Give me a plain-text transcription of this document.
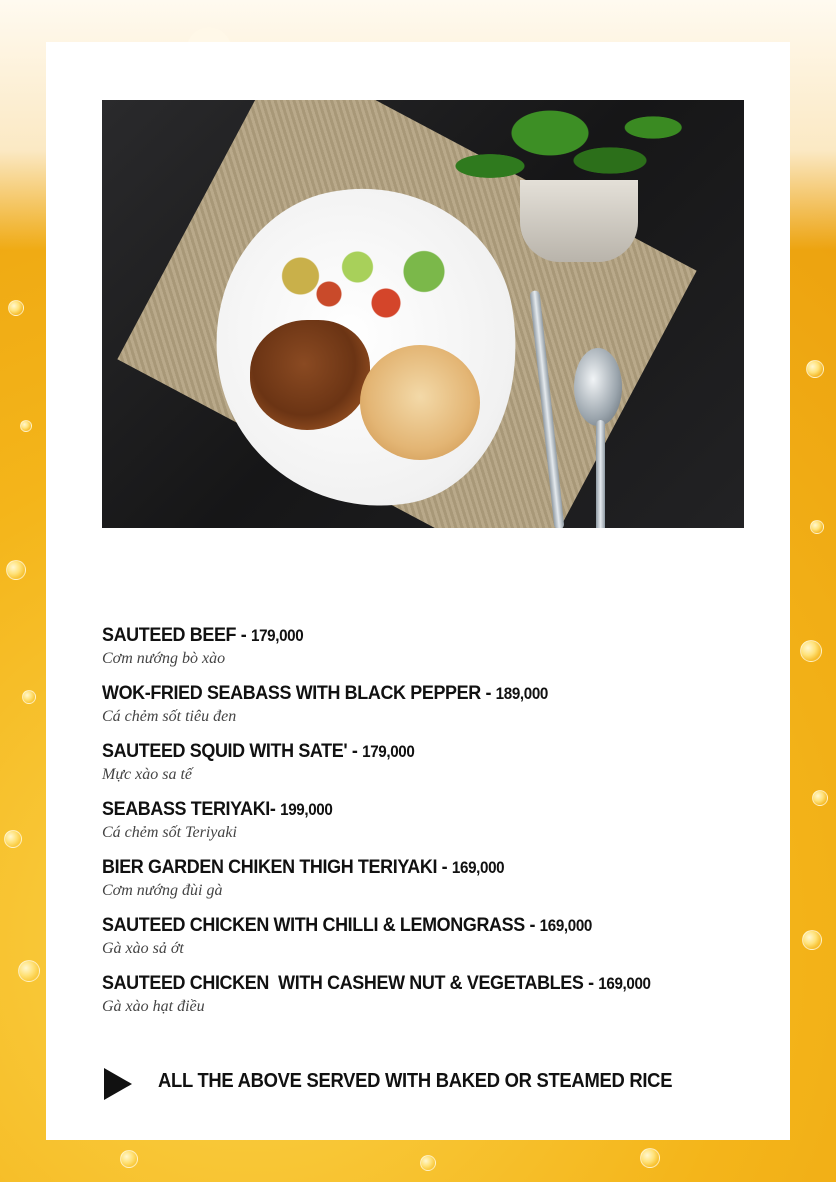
SAUTEED BEEF - 179,000
Cơm nướng bò xào
WOK-FRIED SEABASS WITH BLACK PEPPER - 189,000
Cá chẻm sốt tiêu đen
SAUTEED SQUID WITH SATE' - 179,000
Mực xào sa tế
SEABASS TERIYAKI- 199,000
Cá chẻm sốt Teriyaki
BIER GARDEN CHIKEN THIGH TERIYAKI - 169,000
Cơm nướng đùi gà
SAUTEED CHICKEN WITH CHILLI & LEMONGRASS - 169,000
Gà xào sả ớt
SAUTEED CHICKEN  WITH CASHEW NUT & VEGETABLES - 169,000
Gà xào hạt điều
ALL THE ABOVE SERVED WITH BAKED OR STEAMED RICE
